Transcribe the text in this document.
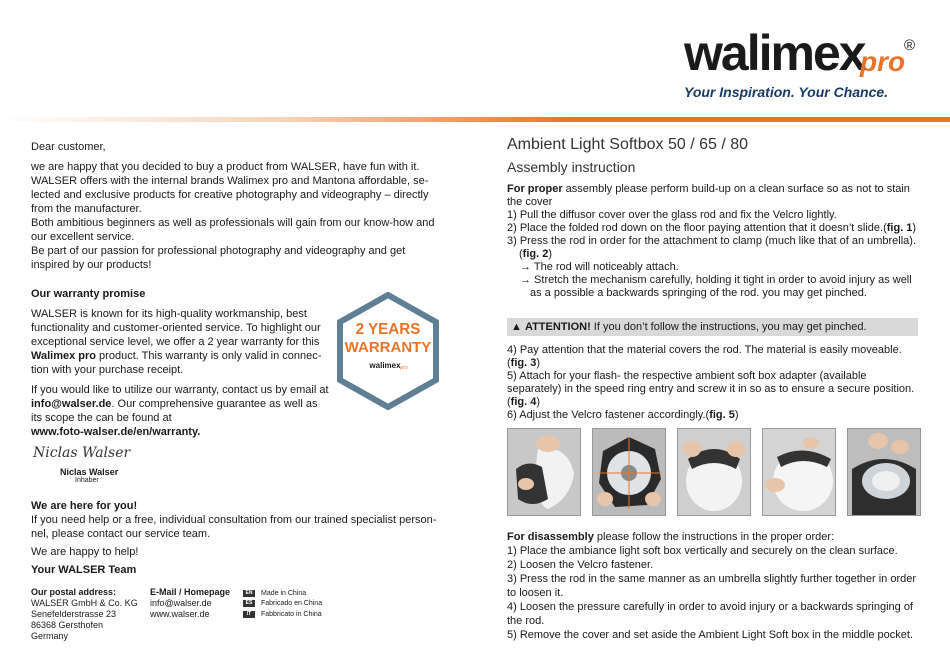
walimex
pro
®
Your Inspiration. Your Chance.

Dear customer,

we are happy that you decided to buy a product from WALSER, have fun with it.

WALSER offers with the internal brands Walimex pro and Mantona affordable, se-lected and exclusive products for creative photography and videography – directly from the manufacturer.

Both ambitious beginners as well as professionals will gain from our know-how and our excellent service.

Be part of our passion for professional photography and videography and get inspired by our products!

Our warranty promise

WALSER is known for its high-quality workmanship, best functionality and customer-oriented service. To highlight our exceptional service level, we offer a 2 year warranty for this Walimex pro product. This warranty is only valid in connec-tion with your purchase receipt.

If you would like to utilize our warranty, contact us by email at info@walser.de. Our comprehensive guarantee as well as its scope the can be found at
www.foto-walser.de/en/warranty.

2 YEARS
WARRANTY
walimex pro
Niclas Walser
Niclas Walser
Inhaber

We are here for you!

If you need help or a free, individual consultation from our trained specialist person-nel, please contact our service team.

We are happy to help!

Your WALSER Team

Our postal address:
WALSER GmbH & Co. KG
Senefelderstrasse 23
86368 Gersthofen
Germany
E-Mail / Homepage
info@walser.de
www.walser.de
EN	Made in China
ES	Fabricado en China
IT	Fabbricato in China
Ambient Light Softbox 50 / 65 / 80
Assembly instruction

For proper assembly please perform build-up on a clean surface so as not to stain the cover

1) Pull the diffusor cover over the glass rod and fix the Velcro lightly.

2) Place the folded rod down on the floor paying attention that it doesn’t slide.(fig. 1)

3) Press the rod in order for the attachment to clamp (much like that of an umbrella).

(fig. 2)

→ The rod will noticeably attach.

→ Stretch the mechanism carefully, holding it tight in order to avoid injury as well as a possible a backwards springing of the rod. you may get pinched.

▲ ATTENTION! If you don’t follow the instructions, you may get pinched.

4) Pay attention that the material covers the rod. The material is easily moveable. (fig. 3)

5) Attach for your flash- the respective ambient soft box adapter (available separately) in the speed ring entry and screw it in so as to ensure a secure position.(fig. 4)

6) Adjust the Velcro fastener accordingly.(fig. 5)

For disassembly please follow the instructions in the proper order:

1) Place the ambiance light soft box vertically and securely on the clean surface.

2) Loosen the Velcro fastener.

3) Press the rod in the same manner as an umbrella slightly further together in order to loosen it.

4) Loosen the pressure carefully in order to avoid injury or a backwards springing of the rod.

5) Remove the cover and set aside the Ambient Light Soft box in the middle pocket.
